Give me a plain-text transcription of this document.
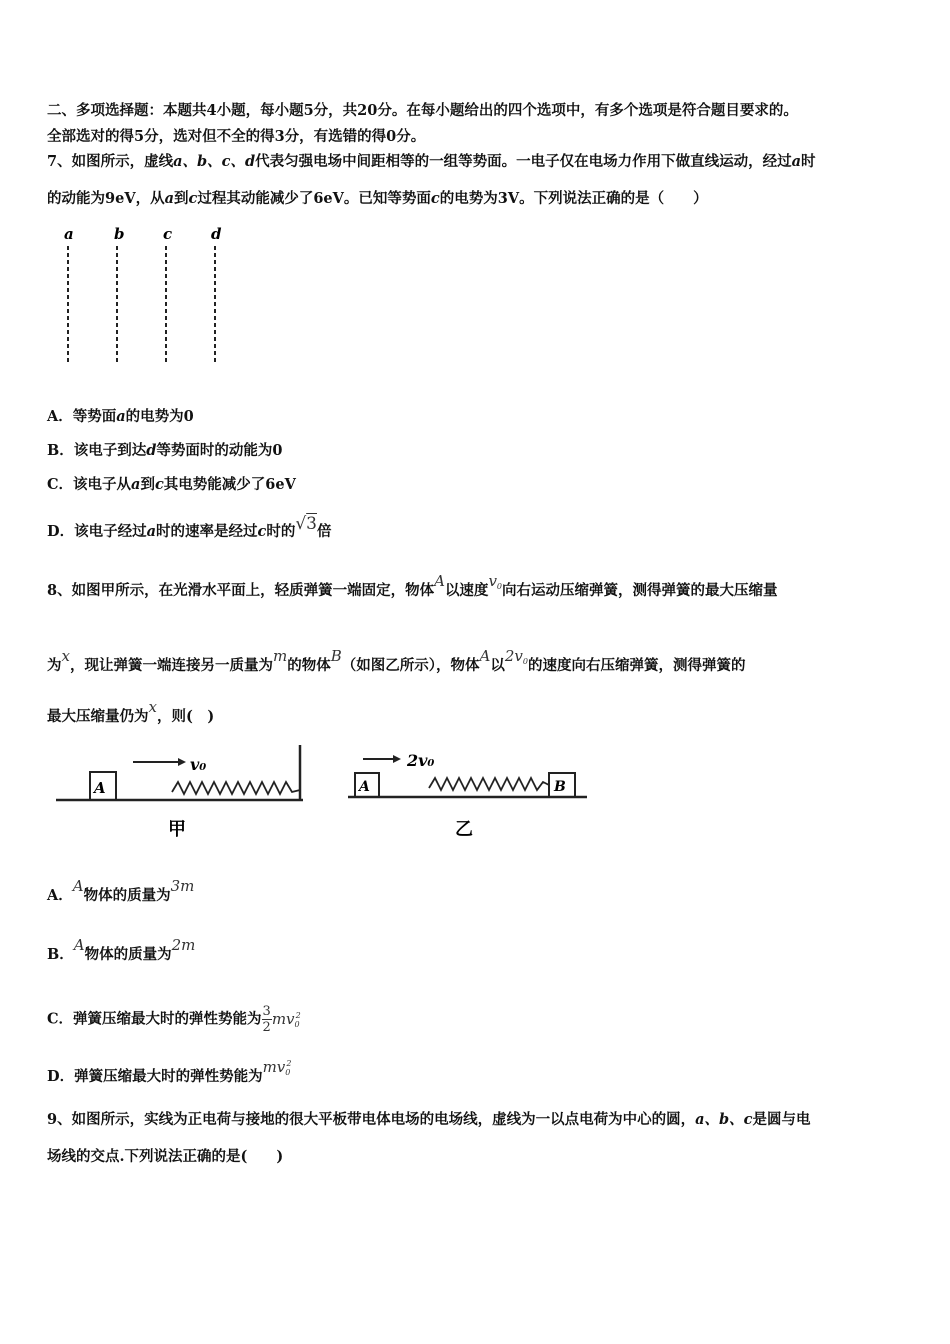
二、多项选择题：本题共4小题，每小题5分，共20分。在每小题给出的四个选项中，有多个选项是符合题目要求的。
全部选对的得5分，选对但不全的得3分，有选错的得0分。
7、如图所示，虚线a、b、c、d代表匀强电场中间距相等的一组等势面。一电子仅在电场力作用下做直线运动，经过a时
的动能为9eV，从a到c过程其动能减少了6eV。已知等势面c的电势为3V。下列说法正确的是（　　）
a	b	c	d
A．等势面a的电势为0
B．该电子到达d等势面时的动能为0
C．该电子从a到c其电势能减少了6eV
D．该电子经过a时的速率是经过c时的√3倍
8、如图甲所示，在光滑水平面上，轻质弹簧一端固定，物体A以速度$v_0$向右运动压缩弹簧，测得弹簧的最大压缩量
为x，现让弹簧一端连接另一质量为m的物体B（如图乙所示），物体A以$2v_0$的速度向右压缩弹簧，测得弹簧的
最大压缩量仍为x，则(　)
A
v₀
甲
A	B
2v₀
乙
A．A物体的质量为3m
B．A物体的质量为2m
C．弹簧压缩最大时的弹性势能为 $\frac{3}{2} mv_0^2$
D．弹簧压缩最大时的弹性势能为$mv_0^2$
9、如图所示，实线为正电荷与接地的很大平板带电体电场的电场线，虚线为一以点电荷为中心的圆，a、b、c是圆与电
场线的交点.下列说法正确的是(　　)
